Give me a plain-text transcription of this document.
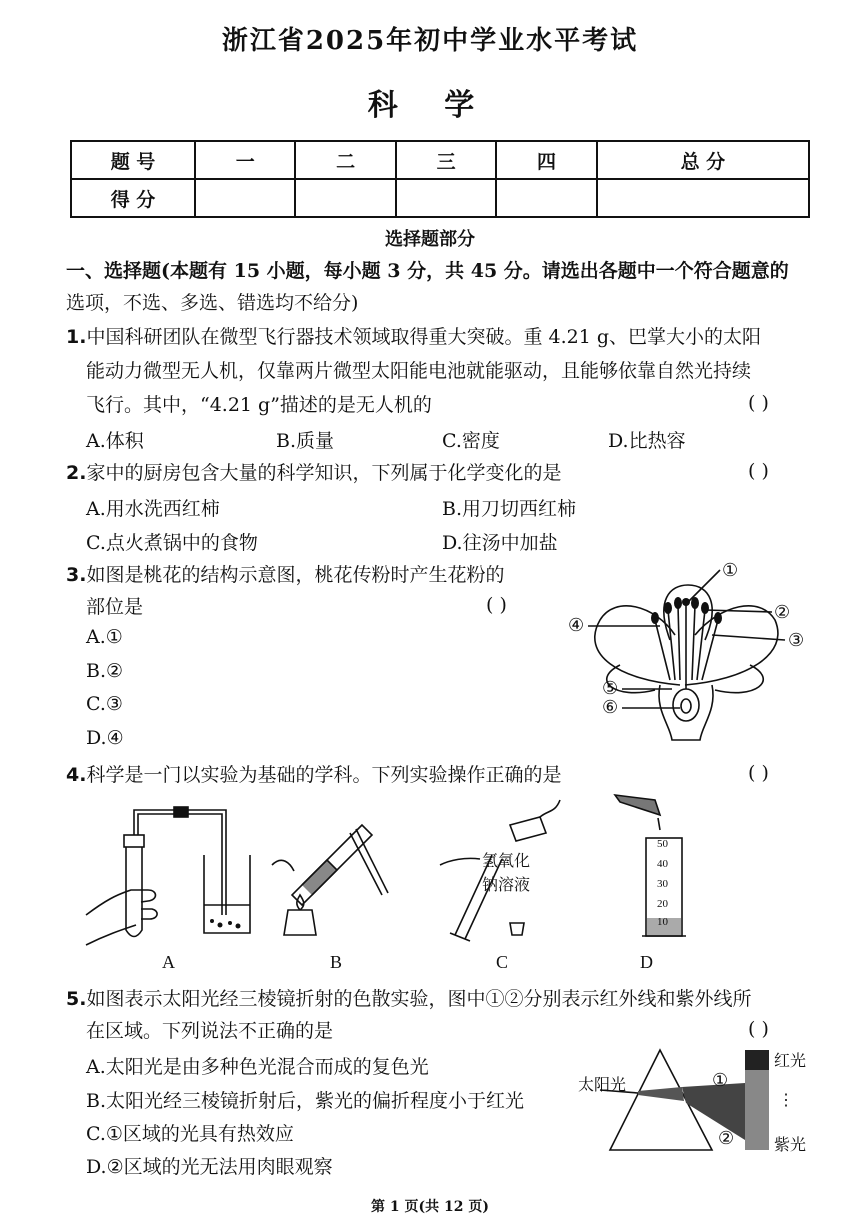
浙江省2025年初中学业水平考试
科 学
题 号	一	二	三	四	总 分
得 分					
选择题部分
一、选择题(本题有 15 小题，每小题 3 分，共 45 分。请选出各题中一个符合题意的
选项，不选、多选、错选均不给分)
1.中国科研团队在微型飞行器技术领域取得重大突破。重 4.21 g、巴掌大小的太阳
能动力微型无人机，仅靠两片微型太阳能电池就能驱动，且能够依靠自然光持续
飞行。其中，“4.21 g”描述的是无人机的	( )
A.体积	B.质量	C.密度	D.比热容
2.家中的厨房包含大量的科学知识，下列属于化学变化的是	( )
A.用水洗西红柿	B.用刀切西红柿
C.点火煮锅中的食物	D.往汤中加盐
3.如图是桃花的结构示意图，桃花传粉时产生花粉的
部位是	( )
A.①
B.②
C.③
D.④
①
②
③
④
⑤
⑥
4.科学是一门以实验为基础的学科。下列实验操作正确的是	( )
A	B
氢氧化
钠溶液
C
50
40
30
20
10
D
5.如图表示太阳光经三棱镜折射的色散实验，图中①②分别表示红外线和紫外线所
在区域。下列说法不正确的是	( )
A.太阳光是由多种色光混合而成的复色光
B.太阳光经三棱镜折射后，紫光的偏折程度小于红光
C.①区域的光具有热效应
D.②区域的光无法用肉眼观察
太阳光	①
②
红光
⋮
紫光
第 1 页(共 12 页)
